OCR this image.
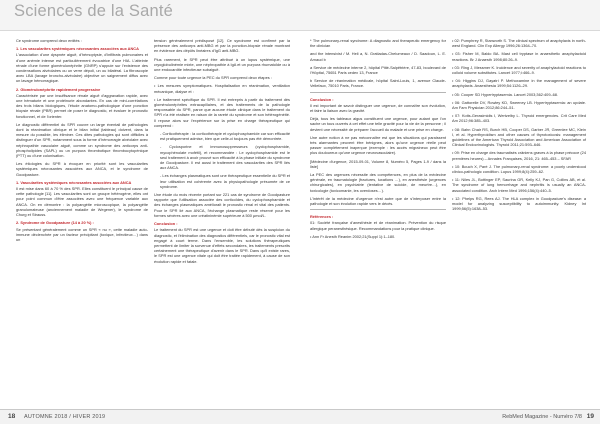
Sciences de la Santé

Ce syndrome comprend deux entités :

1. Les vascularites systémiques nécrosantes associées aux ANCA

L'association d'une dyspnée aiguë, d'hémoptysie, d'infiltrats pulmonaires et d'une anémie intense est particulièrement évocatrice d'une HIA. L'atteinte rénale d'une forme glomérulonéphrite (GNRP) s'appuie sur l'existence des condensations alvéolaires ou un verre dépoli, un ou bilatéral. La fibroscopie avec LBA (lavage broncho-alvéolaire) objective un saignement diffus avec un lavage hémorragique.

2. Glomérulonéphrite rapidement progressive

Caractérisée par une insuffisance rénale aiguë d'aggravation rapide, avec une hématurie et une protéinurie abondantes. En cas de mini-corrélations des trois bilans biologiques, l'étude anatomo-pathologique d'une ponction biopsie rénale (PBR) permet de poser le diagnostic, et évaluer le pronostic fonctionnel, et de l'orienter.

Le diagnostic différentiel du SPR couvre un large éventail de pathologies dont la réanimation clinique et le bilan initial (tableau) doivent, dans la mesure du possible, les éliminer. Ces dites pathologies qui sont difficiles à distinguer d'un SPR, notamment sous la forme d'hémorragie alvéolaire avec néphropathie vasculaire aiguë, comme un syndrome des anticorps anti-phospholipides (SAPL) ou un purpura thrombotique thrombocytopénique (PTT) ou d'une colonisation.

Les étiologies du SPR à évoquer en priorité sont les vascularites systémiques nécrosantes associées aux ANCA, et le syndrome de Goodpasture.

1. Vascularites systémiques nécrosantes associées aux ANCA

Il est mise dans 60 à 70 % des SPR. Elles constituent le principal cause de cette pathologie [11]. Les vascularites sont un groupe hétérogène, elles ont pour point commun d'être associées avec une fréquence variable aux ANCA. On en démontre : la polyangéite microscopique, la polyangéite granulomateuse (anciennement maladie de Wegener), le syndrome de Churg et Strauss.

2. Syndrome de Goodpasture (14 à 20 %) :

Se présentant généralement comme un SPR « nu », cette maladie auto-immune déclenchée par un facteur précipitant (toxique, infectieux…) dans un

tension généralement prédisposé [12]. Ce syndrome est confirmé par la présence des anticorps anti-MBG et par la ponction-biopsie rénale montrant en évidence des dépôts linéaires d'IgG anti-MBG.

Plus rarement, le SPR peut être attribué à un lupus systémique, une cryoglobulinémie mixte, une néphropathie à IgA et un purpura rhumatoïde ou à une endocardite infectieuse subaiguë.

Comme pour toute urgence la PEC du SPR comprend deux étapes :

• Les mesures symptomatiques. Hospitalisation en réanimation, ventilation mécanique, dialyse et :

• Le traitement spécifique du SPR. Il est entrepris à partir du traitement dès glomérulonéphrites extracapillaires, et des traitements de la pathologie responsable du SPR, parce que aucune étude clinique dans le traitement du SPR n'a été réalisée en raison de la rareté du syndrome et son hétérogénéité. Il repose alors sur l'expérience sur la prise en charge thérapeutique qui comprend :

- Corticothérapie : la corticothérapie et cyclophosphamide car son efficacité est pratiquement admise, bien que celle-ci toujours pas été démontrée.

- Cyclosporine et immunosuppresseurs (cyclophosphamide, mycophénolate mofétil), et recommandée : Le cyclophosphamide est le seul traitement à avoir prouvé son efficacité à la phase initiale du syndrome de Goodpasture. Il est aussi le traitement des vascularites des SPR liés aux ANCA.

- Les échanges plasmatiques sont une thérapeutique essentielle du SPR et leur utilisation est cohérente avec la physiopathologie présumée de ce syndrome.

Une étude du mois récente portant sur 221 cas de syndrome de Goodpasture rapporte que l'utilisation associée des corticoïdes, du cyclophosphamide et des échanges plasmatiques améliorait le pronostic rénal et vital des patients. Pour le SPR lié aux ANCA, l'échange plasmatique reste réservé pour les formes sévères avec une créatininémie supérieure à 500 µmol/L.

Conclusion :

Le traitement du SPR est une urgence et doit être débuté dès la suspicion du diagnostic, et l'élimination des diagnostics différentiels, car le pronostic vital est engagé à court terme. Dans l'ensemble, les solutions thérapeutiques permettent de limiter la survenue d'effets secondaires, les traitements prescrits certainement une thérapeutique d'avenir dans le SPR. Dans qu'il existe rares, le SPR est une urgence vitale qui doit être traitée rapidement, à cause de son évolution rapide et fatale.

* The pulmonary-renal syndrome: A diagnostic and therapeutic emergency for the clinician

and the intensivist / M. Heli a, N. Gratiadas-Chelumeaux / D. Saadoun, L. E. Arnaud b

a Service de médecine interne 2, hôpital Pitié-Salpêtrière, 47-83, boulevard de l'Hôpital, 75651 Paris cedex 13, France

b Service de réanimation médicale, hôpital Saint-Louis, 1, avenue Claude-Vellefaux, 75010 Paris, France.

Conclusion :

Il est important de savoir distinguer une urgence, de connaître son évolution, et faire la liaison avec la gravité.

Déjà, tous les tableaux aigus constituent une urgence, pour autant que l'on sache un tous ouverts à cet effet une telle gravité pour la vie de la personne ; il devient une nécessité de préparer l'accueil du malade et une prise en charge.

Une autre notion à ne pas méconnaître est que les situations qui paraissent très alarmantes peuvent être bénignes, alors qu'une urgence réelle peut passer complètement inaperçue (exemple : les accès migraineux peut être plus douloureux qu'une urgence neurovasculaire).

[Médecine d'urgence, 2015-09-01, Volume 8, Numéro 5, Pages 1-9 / dans la liste]

La PEC des urgences nécessite des compétences, en plus de la médecine générale, en traumatologie (fractures, luxations …), en anesthésie (urgences chirurgicales), en psychiatrie (tentative de suicide, de meurtre…), en toxicologie (toxicomanie, les overdoses…).

L'intérêt de la médecine d'urgence n'est autre que de s'interposer entre la pathologie et son évolution rapide vers le décès.

Références :

01: Société française d'anesthésie et de réanimation. Prévention du risque allergique peranesthésique. Recommandations pour la pratique clinique.

• Ann Fr Anesth Reanim 2002;21(Suppl 1):1–180.

• 02: Pumphrey R, Stanworth S. The clinical spectrum of anaphylaxis in north-west England. Clin Exp Allergy 1996;26:1364–70.

• 03: Fisher M, Baldo BA. Mast cell tryptase in anaesthetic anaphylactoid reactions. Br J Anaesth 1998;80:26–9.

• 03: Ring J, Messmer K. Incidence and severity of anaphylactoid reactions to colloid volume substitutes. Lancet 1977;i:466–9.

• 04: Higgins DJ, Gayatri P. Methoxamine in the management of severe anaphylaxis. Anaesthesia 1999;54:1126–29.

• 05: Cooper SD Hypertryptasemia. Lancet 2003;362:409–68.

• 06: Gattorelle DV, Rowley KD, Sweeney LB. Hypertryptasemia: an update. Am Fam Physician 2012;86:244–51.

• 07: Kotis-Gerasimidis I, Wertzelby L. Thyroid emergencies. Crit Care Med Am 2012;96:385–403.

• 08: Bahn Chair RS, Burch HB, Cooper DS, Garber JR, Greenlee MC, Klein I, et al. Hyperthyroidism and other causes of thyrotoxicosis: management guidelines of the American Thyroid Association and American Association of Clinical Endocrinologists. Thyroid 2011;21:593–646.

• 09: Prise en charge des traumatisés crâniens graves à la phase précoce (24 premières heures) – Annales Françaises, 2016, 21: 465–453 – SFAR

• 10: Bouch X, Paré J. The pulmonary-renal syndrome: a poorly understood clinico-pathologic condition. Lupus 1999;8(4):259–62.

• 11: Niles JL, Bottinger EP, Saurina GR, Kelly KJ, Pan G, Collins AB, et al. The syndrome of lung hemorrhage and nephritis is usually an ANCA-associated condition. Arch Intern Med 1996;156(4):440–5.

• 12: Phelps RG, Rees AJ. The HLA complex in Goodpasture's disease: a model for analyzing susceptibility to autoimmunity. Kidney Int 1999;56(5):1638–53.

18 AUTOMNE 2018 / HIVER 2019	RebMed Magazine - Numéro 7/8 19
